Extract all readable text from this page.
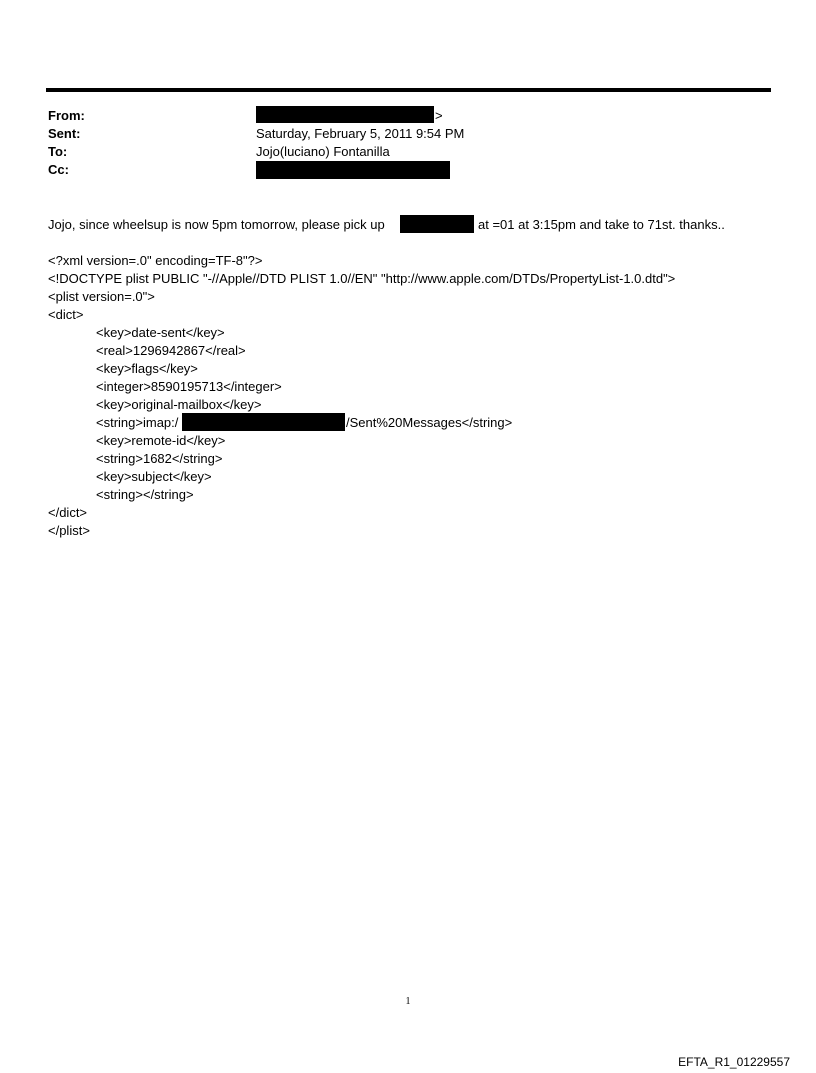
From:	>
Sent:	Saturday, February 5, 2011 9:54 PM
To:	Jojo(luciano) Fontanilla
Cc:
Jojo, since wheelsup is now 5pm tomorrow, please pick up	at =01 at 3:15pm and take to 71st. thanks..
<?xml version=.0" encoding=TF-8"?>
<!DOCTYPE plist PUBLIC "-//Apple//DTD PLIST 1.0//EN" "http://www.apple.com/DTDs/PropertyList-1.0.dtd">
<plist version=.0">
<dict>
<key>date-sent</key>
<real>1296942867</real>
<key>flags</key>
<integer>8590195713</integer>
<key>original-mailbox</key>
<string>imap:/	/Sent%20Messages</string>
<key>remote-id</key>
<string>1682</string>
<key>subject</key>
<string></string>
</dict>
</plist>
1
EFTA_R1_01229557
